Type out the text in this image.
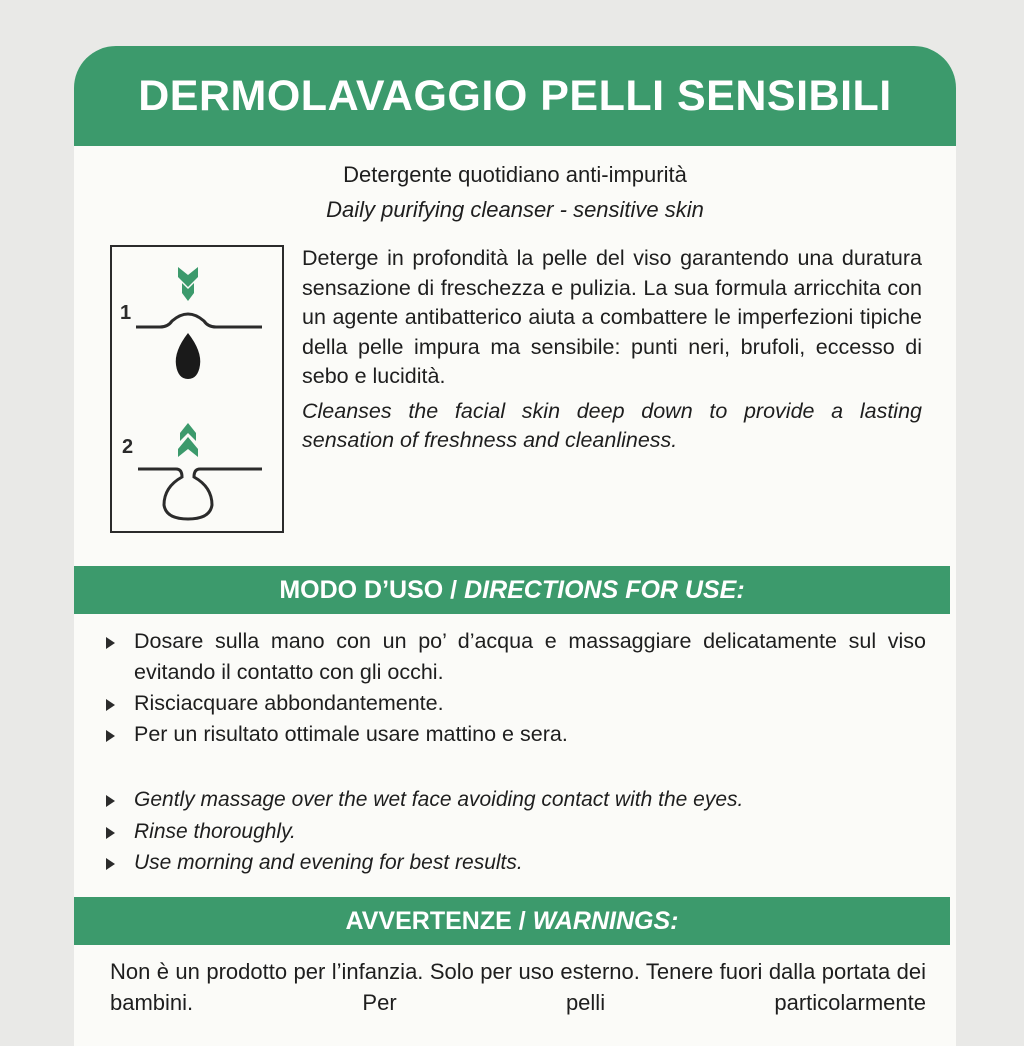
DERMOLAVAGGIO PELLI SENSIBILI
Detergente quotidiano anti-impurità
Daily purifying cleanser - sensitive skin
1
2

Deterge in profondità la pelle del viso garantendo una duratura sensazione di freschezza e pulizia. La sua formula arricchita con un agente antibatterico aiuta a combattere le imperfezioni tipiche della pelle impura ma sensibile: punti neri, brufoli, eccesso di sebo e lucidità.

Cleanses the facial skin deep down to provide a lasting sensation of freshness and cleanliness.

MODO D’USO /
DIRECTIONS FOR USE:
Dosare sulla mano con un po’ d’acqua e massaggiare delicatamente sul viso evitando il contatto con gli occhi.
Risciacquare abbondantemente.
Per un risultato ottimale usare mattino e sera.
Gently massage over the wet face avoiding contact with the eyes.
Rinse thoroughly.
Use morning and evening for best results.
AVVERTENZE /
WARNINGS:
Non è un prodotto per l’infanzia. Solo per uso esterno. Tenere fuori dalla portata dei bambini. Per pelli particolarmente
